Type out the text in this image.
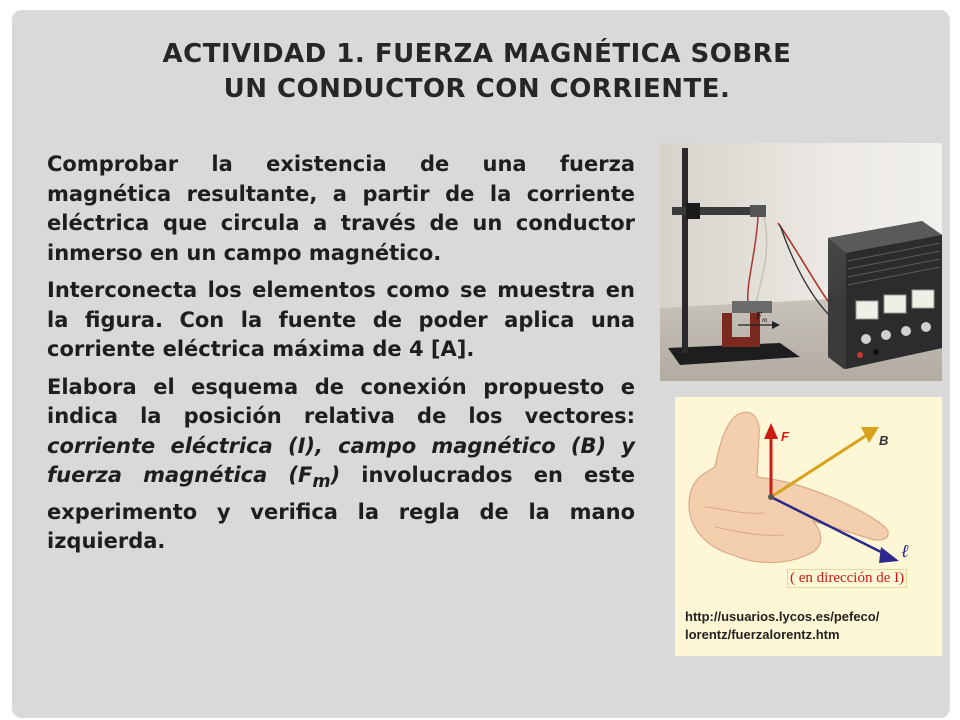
ACTIVIDAD 1. FUERZA MAGNÉTICA SOBRE
UN CONDUCTOR CON CORRIENTE.

Comprobar la existencia de una fuerza magnética resultante, a partir de la corriente eléctrica que circula a través de un conductor inmerso en un campo magnético.

Interconecta los elementos como se muestra en la figura. Con la fuente de poder aplica una corriente eléctrica máxima de 4 [A].

Elabora el esquema de conexión propuesto e indica la posición relativa de los vectores: corriente eléctrica (I), campo magnético (B) y fuerza magnética $(F_m)$ involucrados en este experimento y verifica la regla de la mano izquierda.

$F_m$
F	B
ℓ
( en dirección de I)
http://usuarios.lycos.es/pefeco/
lorentz/fuerzalorentz.htm
